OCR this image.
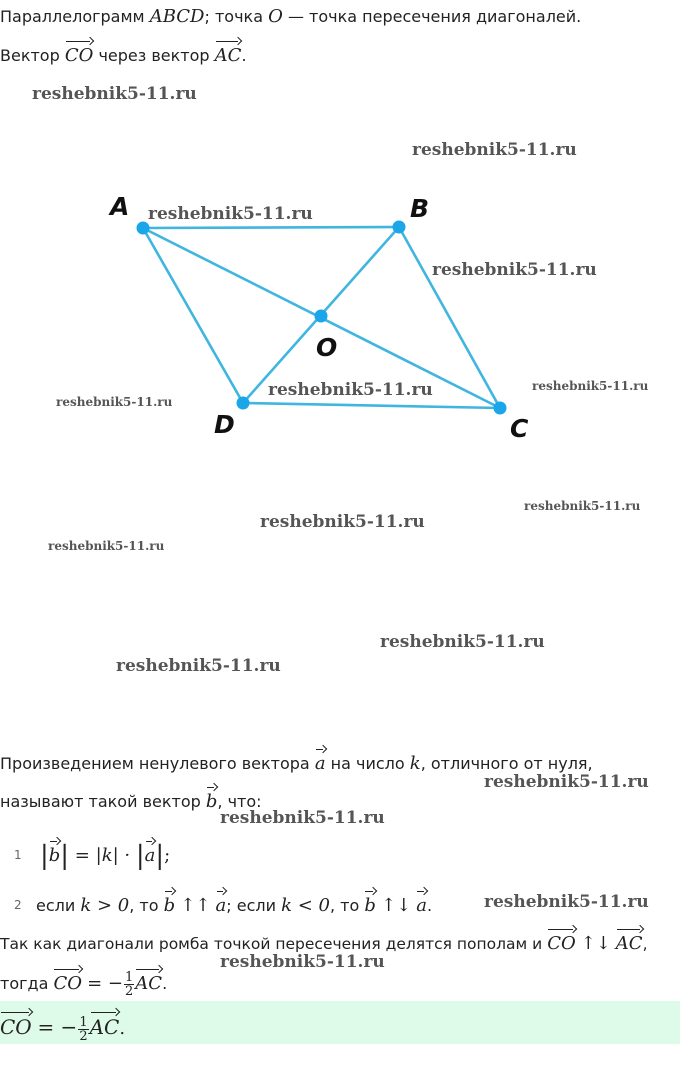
Параллелограмм ABCD; точка O — точка пересечения диагоналей.
Вектор CO через вектор AC.
A	B
C
D
O
reshebnik5-11.ru
reshebnik5-11.ru
reshebnik5-11.ru
reshebnik5-11.ru
reshebnik5-11.ru	reshebnik5-11.ru
reshebnik5-11.ru
reshebnik5-11.ru
reshebnik5-11.ru
reshebnik5-11.ru
reshebnik5-11.ru
reshebnik5-11.ru
reshebnik5-11.ru
reshebnik5-11.ru
reshebnik5-11.ru
reshebnik5-11.ru
Произведением ненулевого вектора a на число k, отличного от нуля,
называют такой вектор b, что:
1 |
b| = |k| · |
a|;
2 если k > 0, то b ↑↑ a; если k < 0, то b ↑↓ a.
Так как диагонали ромба точкой пересечения делятся пополам и CO ↑↓ AC,
тогда CO = − $\frac{1}{2}$ AC.
CO = − $\frac{1}{2}$ AC.
